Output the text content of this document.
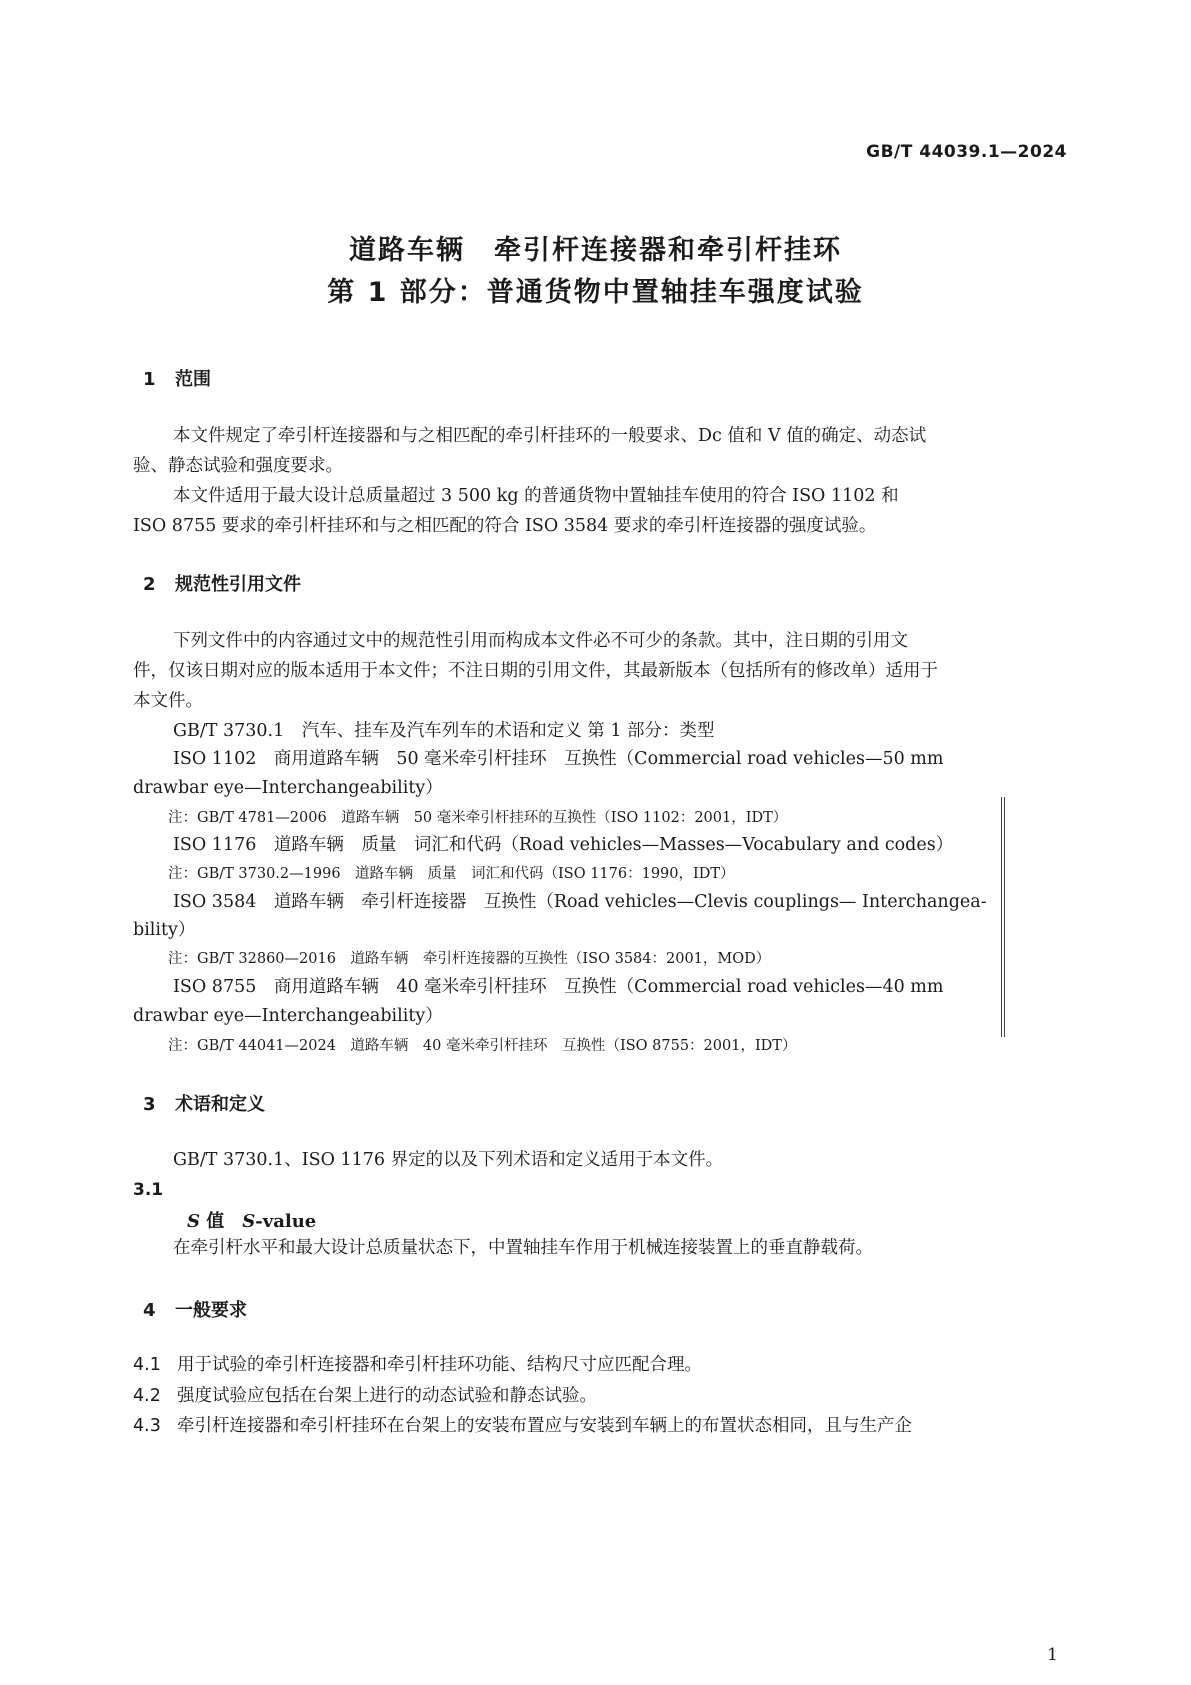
GB/T 44039.1—2024
道路车辆　牵引杆连接器和牵引杆挂环
第 1 部分：普通货物中置轴挂车强度试验
1 范围
本文件规定了牵引杆连接器和与之相匹配的牵引杆挂环的一般要求、Dc 值和 V 值的确定、动态试
验、静态试验和强度要求。
本文件适用于最大设计总质量超过 3 500 kg 的普通货物中置轴挂车使用的符合 ISO 1102 和
ISO 8755 要求的牵引杆挂环和与之相匹配的符合 ISO 3584 要求的牵引杆连接器的强度试验。
2 规范性引用文件
下列文件中的内容通过文中的规范性引用而构成本文件必不可少的条款。其中，注日期的引用文
件，仅该日期对应的版本适用于本文件；不注日期的引用文件，其最新版本（包括所有的修改单）适用于
本文件。
GB/T 3730.1　汽车、挂车及汽车列车的术语和定义 第 1 部分：类型
ISO 1102　商用道路车辆　50 毫米牵引杆挂环　互换性（Commercial road vehicles—50 mm
drawbar eye—Interchangeability）
注：GB/T 4781—2006　道路车辆　50 毫米牵引杆挂环的互换性（ISO 1102：2001，IDT）
ISO 1176　道路车辆　质量　词汇和代码（Road vehicles—Masses—Vocabulary and codes）
注：GB/T 3730.2—1996　道路车辆　质量　词汇和代码（ISO 1176：1990，IDT）
ISO 3584　道路车辆　牵引杆连接器　互换性（Road vehicles—Clevis couplings— Interchangea-
bility）
注：GB/T 32860—2016　道路车辆　牵引杆连接器的互换性（ISO 3584：2001，MOD）
ISO 8755　商用道路车辆　40 毫米牵引杆挂环　互换性（Commercial road vehicles—40 mm
drawbar eye—Interchangeability）
注：GB/T 44041—2024　道路车辆　40 毫米牵引杆挂环　互换性（ISO 8755：2001，IDT）
3 术语和定义
GB/T 3730.1、ISO 1176 界定的以及下列术语和定义适用于本文件。
3.1
S 值　S-value
在牵引杆水平和最大设计总质量状态下，中置轴挂车作用于机械连接装置上的垂直静载荷。
4 一般要求
4.1 用于试验的牵引杆连接器和牵引杆挂环功能、结构尺寸应匹配合理。
4.2 强度试验应包括在台架上进行的动态试验和静态试验。
4.3 牵引杆连接器和牵引杆挂环在台架上的安装布置应与安装到车辆上的布置状态相同，且与生产企
1
